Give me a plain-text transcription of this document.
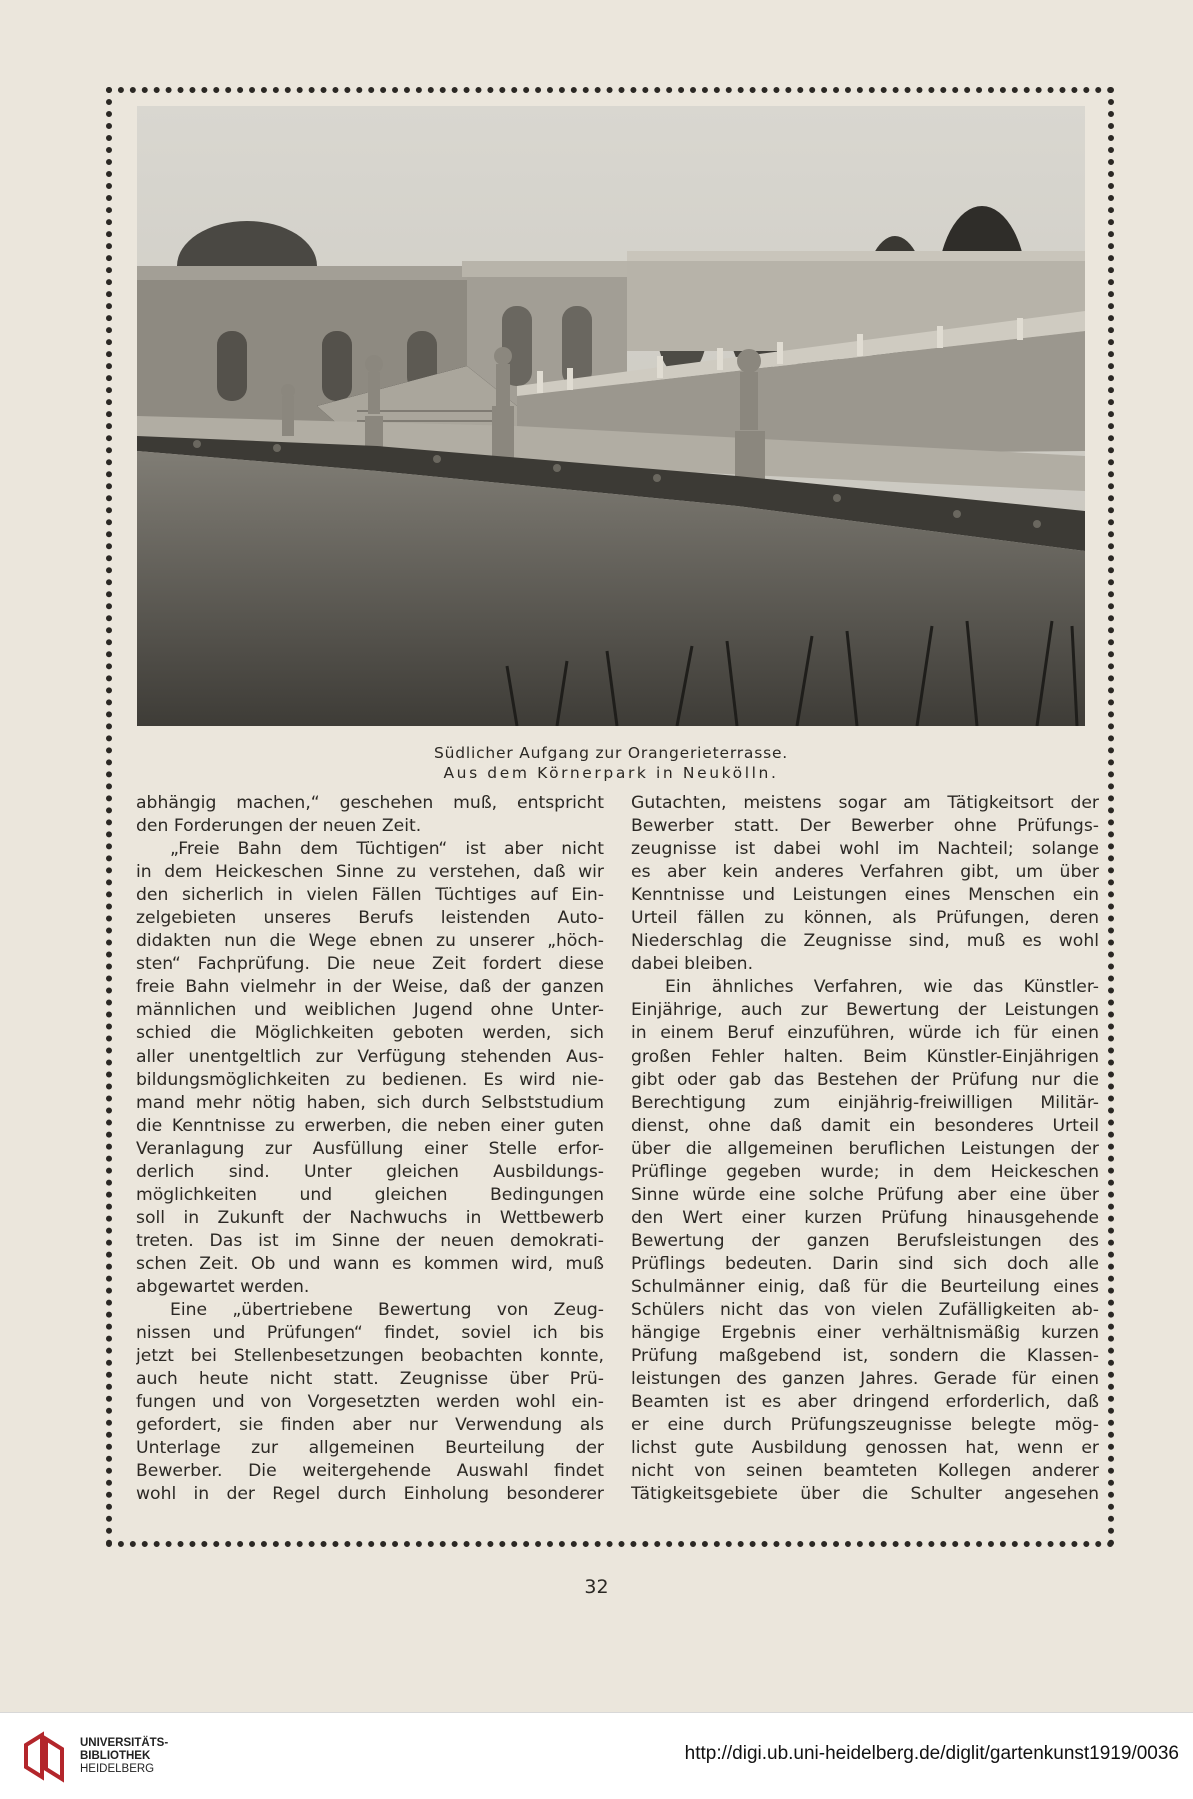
Südlicher Aufgang zur Orangerieterrasse.
Aus dem Körnerpark in Neukölln.
abhängig machen,“ geschehen muß, entspricht
den Forderungen der neuen Zeit.
„Freie Bahn dem Tüchtigen“ ist aber nicht
in dem Heickeschen Sinne zu verstehen, daß wir
den sicherlich in vielen Fällen Tüchtiges auf Ein-
zelgebieten unseres Berufs leistenden Auto-
didakten nun die Wege ebnen zu unserer „höch-
sten“ Fachprüfung. Die neue Zeit fordert diese
freie Bahn vielmehr in der Weise, daß der ganzen
männlichen und weiblichen Jugend ohne Unter-
schied die Möglichkeiten geboten werden, sich
aller unentgeltlich zur Verfügung stehenden Aus-
bildungsmöglichkeiten zu bedienen. Es wird nie-
mand mehr nötig haben, sich durch Selbststudium
die Kenntnisse zu erwerben, die neben einer guten
Veranlagung zur Ausfüllung einer Stelle erfor-
derlich sind. Unter gleichen Ausbildungs-
möglichkeiten und gleichen Bedingungen
soll in Zukunft der Nachwuchs in Wettbewerb
treten. Das ist im Sinne der neuen demokrati-
schen Zeit. Ob und wann es kommen wird, muß
abgewartet werden.
Eine „übertriebene Bewertung von Zeug-
nissen und Prüfungen“ findet, soviel ich bis
jetzt bei Stellenbesetzungen beobachten konnte,
auch heute nicht statt. Zeugnisse über Prü-
fungen und von Vorgesetzten werden wohl ein-
gefordert, sie finden aber nur Verwendung als
Unterlage zur allgemeinen Beurteilung der
Bewerber. Die weitergehende Auswahl findet
wohl in der Regel durch Einholung besonderer
Gutachten, meistens sogar am Tätigkeitsort der
Bewerber statt. Der Bewerber ohne Prüfungs-
zeugnisse ist dabei wohl im Nachteil; solange
es aber kein anderes Verfahren gibt, um über
Kenntnisse und Leistungen eines Menschen ein
Urteil fällen zu können, als Prüfungen, deren
Niederschlag die Zeugnisse sind, muß es wohl
dabei bleiben.
Ein ähnliches Verfahren, wie das Künstler-
Einjährige, auch zur Bewertung der Leistungen
in einem Beruf einzuführen, würde ich für einen
großen Fehler halten. Beim Künstler-Einjährigen
gibt oder gab das Bestehen der Prüfung nur die
Berechtigung zum einjährig-freiwilligen Militär-
dienst, ohne daß damit ein besonderes Urteil
über die allgemeinen beruflichen Leistungen der
Prüflinge gegeben wurde; in dem Heickeschen
Sinne würde eine solche Prüfung aber eine über
den Wert einer kurzen Prüfung hinausgehende
Bewertung der ganzen Berufsleistungen des
Prüflings bedeuten. Darin sind sich doch alle
Schulmänner einig, daß für die Beurteilung eines
Schülers nicht das von vielen Zufälligkeiten ab-
hängige Ergebnis einer verhältnismäßig kurzen
Prüfung maßgebend ist, sondern die Klassen-
leistungen des ganzen Jahres. Gerade für einen
Beamten ist es aber dringend erforderlich, daß
er eine durch Prüfungszeugnisse belegte mög-
lichst gute Ausbildung genossen hat, wenn er
nicht von seinen beamteten Kollegen anderer
Tätigkeitsgebiete über die Schulter angesehen
32
UNIVERSITÄTS-
BIBLIOTHEK
HEIDELBERG
http://digi.ub.uni-heidelberg.de/diglit/gartenkunst1919/0036
